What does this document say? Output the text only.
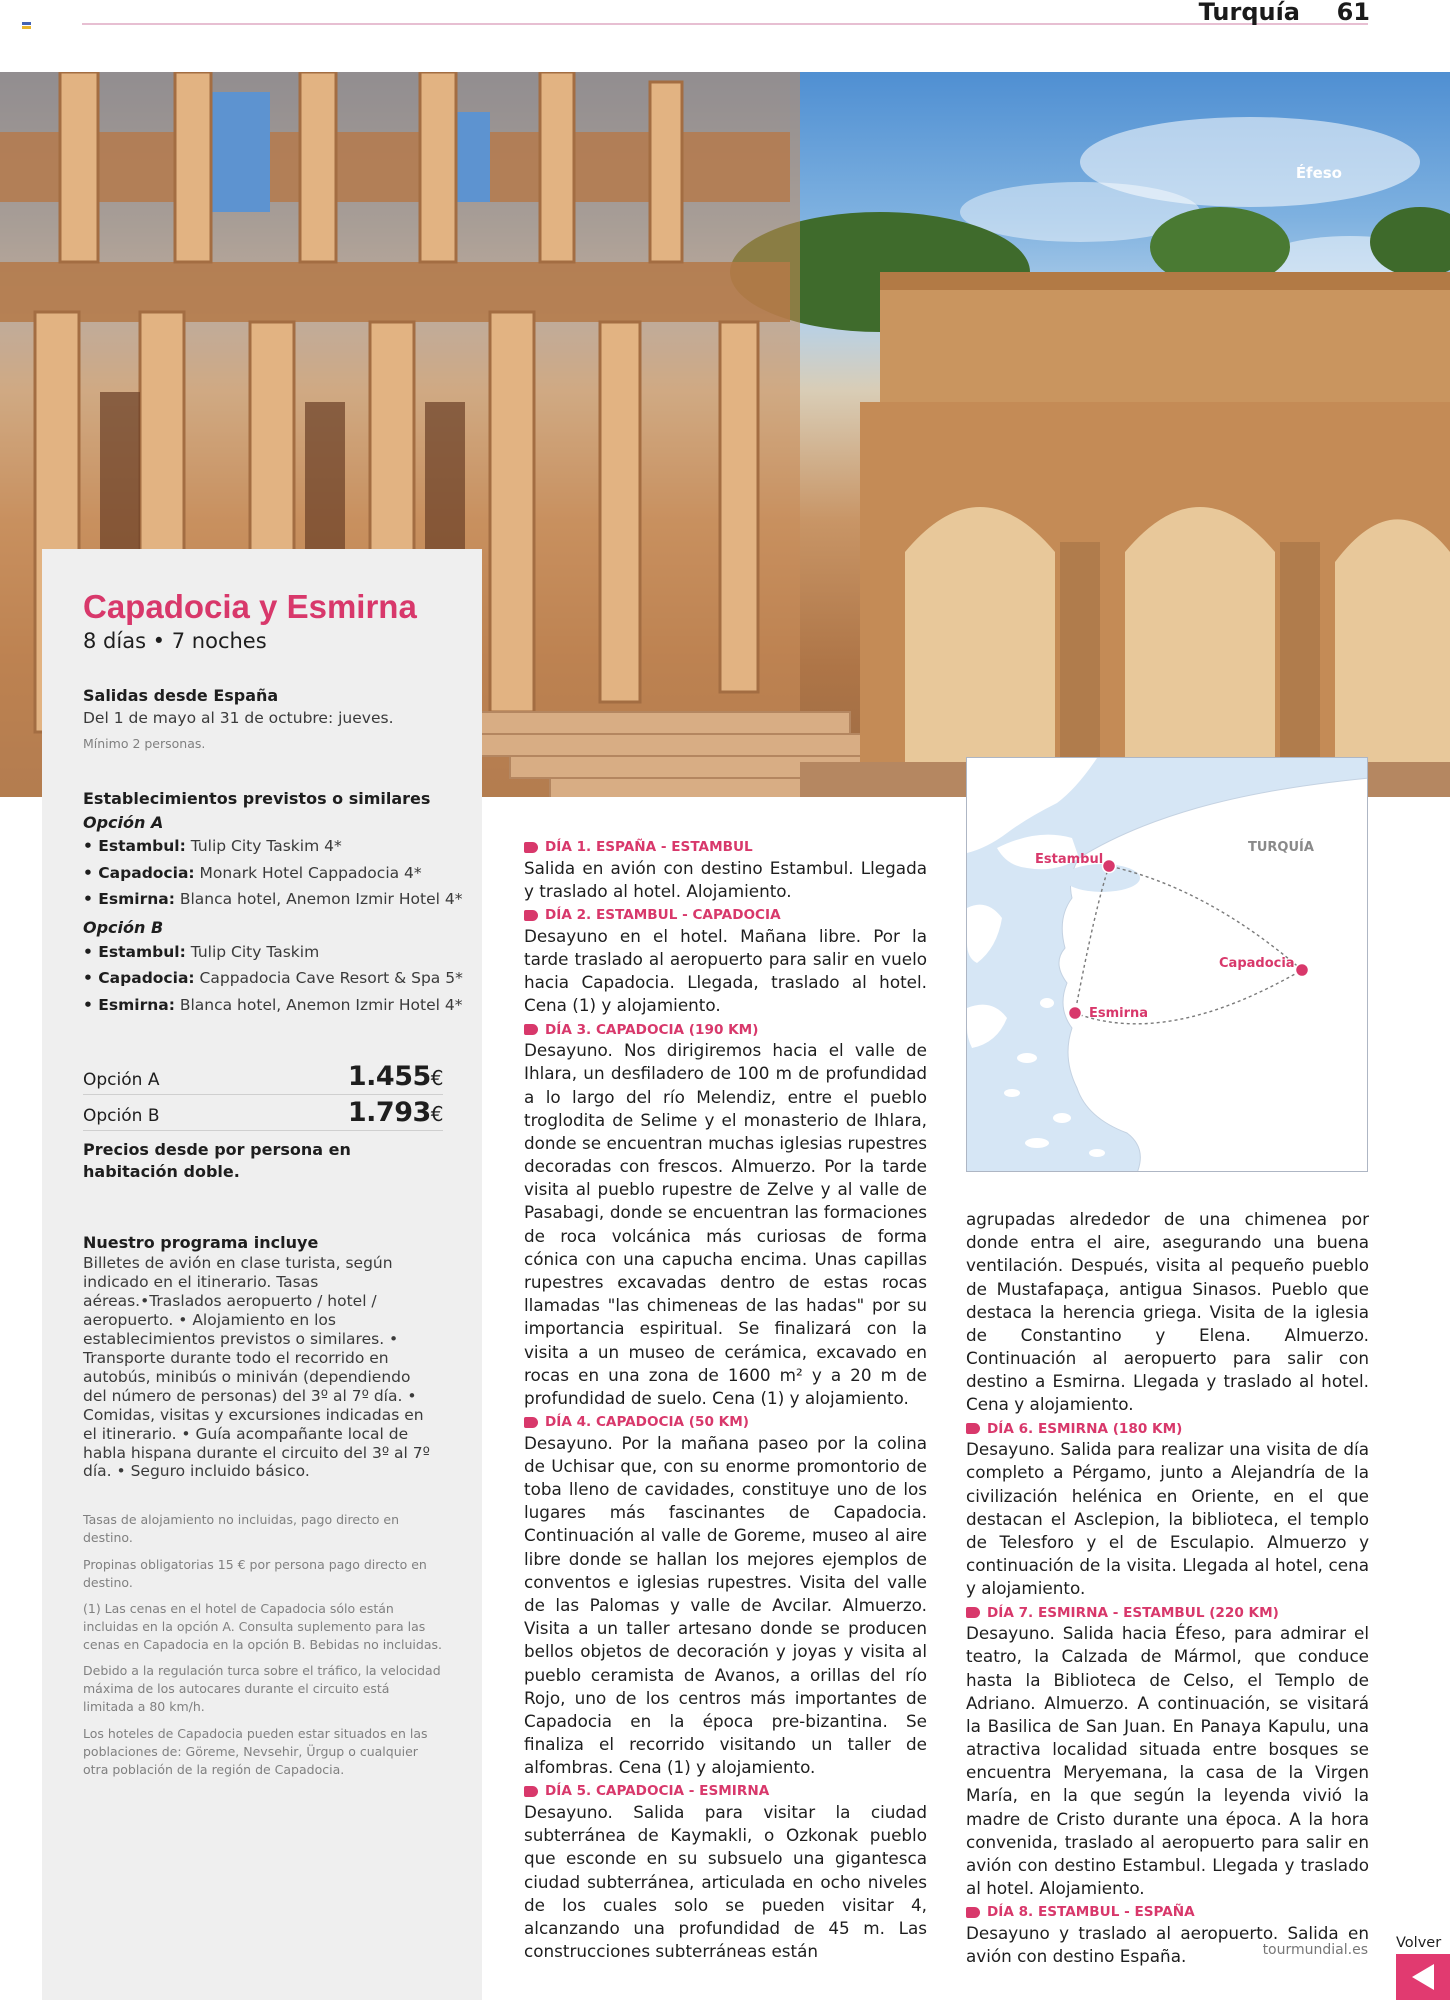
Turquía 61
Éfeso
Capadocia y Esmirna
8 días • 7 noches
Salidas desde España
Del 1 de mayo al 31 de octubre: jueves.
Mínimo 2 personas.
Establecimientos previstos o similares
Opción A
• Estambul: Tulip City Taskim 4*
• Capadocia: Monark Hotel Cappadocia 4*
• Esmirna: Blanca hotel, Anemon Izmir Hotel 4*
Opción B
• Estambul: Tulip City Taskim
• Capadocia: Cappadocia Cave Resort & Spa 5*
• Esmirna: Blanca hotel, Anemon Izmir Hotel 4*
Opción A	1.455€
Opción B	1.793€
Precios desde por persona en habitación doble.
Nuestro programa incluye
Billetes de avión en clase turista, según indicado en el itinerario. Tasas aéreas.•Traslados aeropuerto / hotel / aeropuerto. • Alojamiento en los establecimientos previstos o similares. • Transporte durante todo el recorrido en autobús, minibús o miniván (dependiendo del número de personas) del 3º al 7º día. • Comidas, visitas y excursiones indicadas en el itinerario. • Guía acompañante local de habla hispana durante el circuito del 3º al 7º día. • Seguro incluido básico.

Tasas de alojamiento no incluidas, pago directo en destino.

Propinas obligatorias 15 € por persona pago directo en destino.

(1) Las cenas en el hotel de Capadocia sólo están incluidas en la opción A. Consulta suplemento para las cenas en Capadocia en la opción B. Bebidas no incluidas.

Debido a la regulación turca sobre el tráfico, la velocidad máxima de los autocares durante el circuito está limitada a 80 km/h.

Los hoteles de Capadocia pueden estar situados en las poblaciones de: Göreme, Nevsehir, Ürgup o cualquier otra población de la región de Capadocia.

DÍA 1. ESPAÑA - ESTAMBUL
Salida en avión con destino Estambul. Llegada y traslado al hotel. Alojamiento.
DÍA 2. ESTAMBUL - CAPADOCIA
Desayuno en el hotel. Mañana libre. Por la tarde traslado al aeropuerto para salir en vuelo hacia Capadocia. Llegada, traslado al hotel. Cena (1) y alojamiento.
DÍA 3. CAPADOCIA (190 KM)
Desayuno. Nos dirigiremos hacia el valle de Ihlara, un desfiladero de 100 m de profundidad a lo largo del río Melendiz, entre el pueblo troglodita de Selime y el monasterio de Ihlara, donde se encuentran muchas iglesias rupestres decoradas con frescos. Almuerzo. Por la tarde visita al pueblo rupestre de Zelve y al valle de Pasabagi, donde se encuentran las formaciones de roca volcánica más curiosas de forma cónica con una capucha encima. Unas capillas rupestres excavadas dentro de estas rocas llamadas "las chimeneas de las hadas" por su importancia espiritual. Se finalizará con la visita a un museo de cerámica, excavado en rocas en una zona de 1600 m² y a 20 m de profundidad de suelo. Cena (1) y alojamiento.
DÍA 4. CAPADOCIA (50 KM)
Desayuno. Por la mañana paseo por la colina de Uchisar que, con su enorme promontorio de toba lleno de cavidades, constituye uno de los lugares más fascinantes de Capadocia. Continuación al valle de Goreme, museo al aire libre donde se hallan los mejores ejemplos de conventos e iglesias rupestres. Visita del valle de las Palomas y valle de Avcilar. Almuerzo. Visita a un taller artesano donde se producen bellos objetos de decoración y joyas y visita al pueblo ceramista de Avanos, a orillas del río Rojo, uno de los centros más importantes de Capadocia en la época pre-bizantina. Se finaliza el recorrido visitando un taller de alfombras. Cena (1) y alojamiento.
DÍA 5. CAPADOCIA - ESMIRNA
Desayuno. Salida para visitar la ciudad subterránea de Kaymakli, o Ozkonak pueblo que esconde en su subsuelo una gigantesca ciudad subterránea, articulada en ocho niveles de los cuales solo se pueden visitar 4, alcanzando una profundidad de 45 m. Las construcciones subterráneas están
TURQUÍA
Estambul
Capadocia
Esmirna
agrupadas alrededor de una chimenea por donde entra el aire, asegurando una buena ventilación. Después, visita al pequeño pueblo de Mustafapaça, antigua Sinasos. Pueblo que destaca la herencia griega. Visita de la iglesia de Constantino y Elena. Almuerzo. Continuación al aeropuerto para salir con destino a Esmirna. Llegada y traslado al hotel. Cena y alojamiento.
DÍA 6. ESMIRNA (180 KM)
Desayuno. Salida para realizar una visita de día completo a Pérgamo, junto a Alejandría de la civilización helénica en Oriente, en el que destacan el Asclepion, la biblioteca, el templo de Telesforo y el de Esculapio. Almuerzo y continuación de la visita. Llegada al hotel, cena y alojamiento.
DÍA 7. ESMIRNA - ESTAMBUL (220 KM)
Desayuno. Salida hacia Éfeso, para admirar el teatro, la Calzada de Mármol, que conduce hasta la Biblioteca de Celso, el Templo de Adriano. Almuerzo. A continuación, se visitará la Basilica de San Juan. En Panaya Kapulu, una atractiva localidad situada entre bosques se encuentra Meryemana, la casa de la Virgen María, en la que según la leyenda vivió la madre de Cristo durante una época. A la hora convenida, traslado al aeropuerto para salir en avión con destino Estambul. Llegada y traslado al hotel. Alojamiento.
DÍA 8. ESTAMBUL - ESPAÑA
Desayuno y traslado al aeropuerto. Salida en avión con destino España.	tourmundial.es Volver
